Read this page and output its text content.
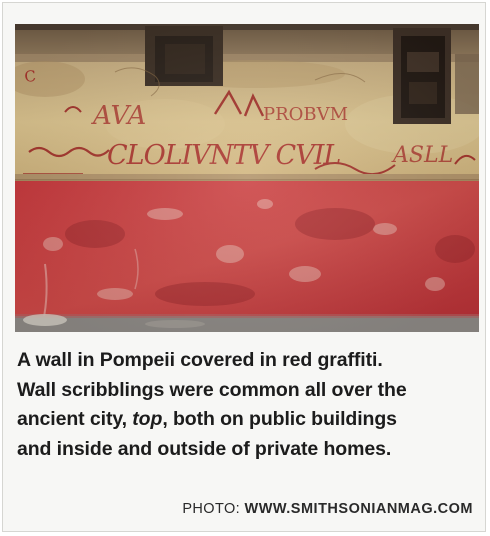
A wall in Pompeii covered in red graffiti.
Wall scribblings were common all over the
ancient city, top, both on public buildings
and inside and outside of private homes.
PHOTO: WWW.SMITHSONIANMAG.COM
